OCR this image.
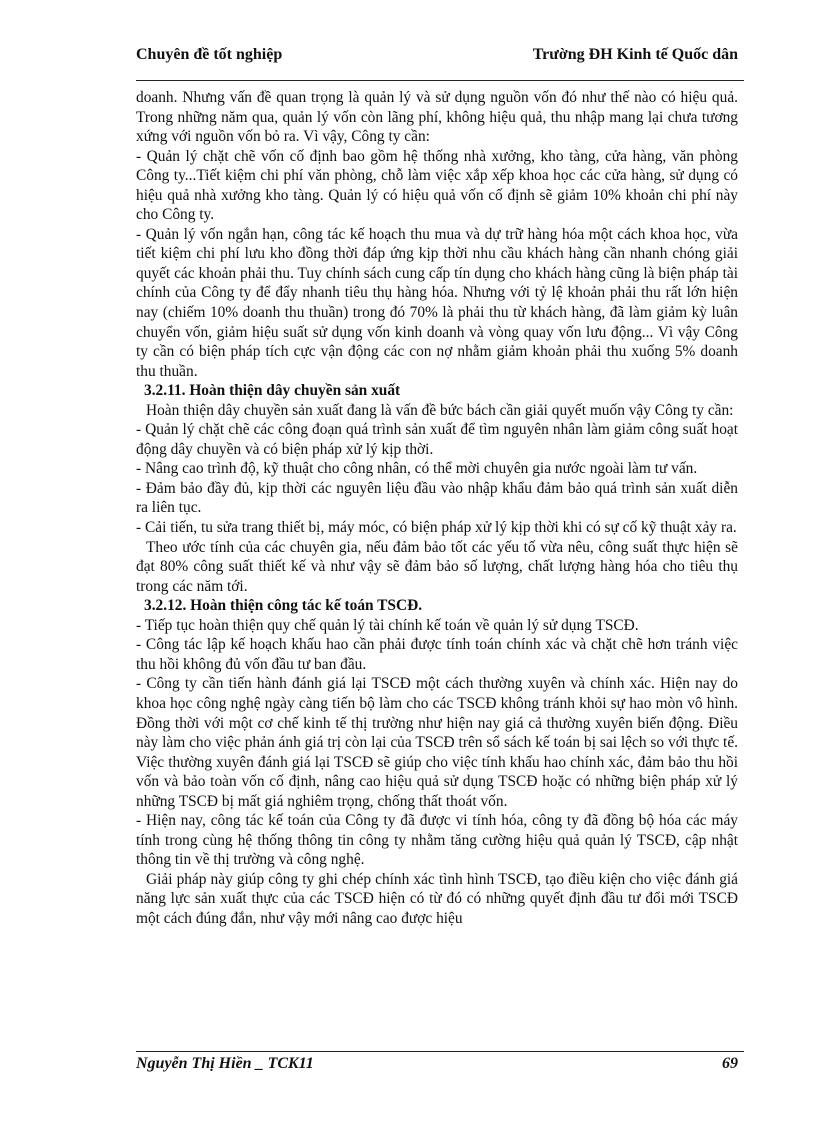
Chuyên đề tốt nghiệp	Trường ĐH Kinh tế Quốc dân

doanh. Nhưng vấn đề quan trọng là quản lý và sử dụng nguồn vốn đó như thế nào có hiệu quả. Trong những năm qua, quản lý vốn còn lãng phí, không hiệu quả, thu nhập mang lại chưa tương xứng với nguồn vốn bỏ ra. Vì vậy, Công ty cần:

- Quản lý chặt chẽ vốn cố định bao gồm hệ thống nhà xưởng, kho tàng, cửa hàng, văn phòng Công ty...Tiết kiệm chi phí văn phòng, chỗ làm việc xắp xếp khoa học các cửa hàng, sử dụng có hiệu quả nhà xưởng kho tàng. Quản lý có hiệu quả vốn cố định sẽ giảm 10% khoản chi phí này cho Công ty.

- Quản lý vốn ngắn hạn, công tác kế hoạch thu mua và dự trữ hàng hóa một cách khoa học, vừa tiết kiệm chi phí lưu kho đồng thời đáp ứng kịp thời nhu cầu khách hàng cần nhanh chóng giải quyết các khoản phải thu. Tuy chính sách cung cấp tín dụng cho khách hàng cũng là biện pháp tài chính của Công ty để đẩy nhanh tiêu thụ hàng hóa. Nhưng với tỷ lệ khoản phải thu rất lớn hiện nay (chiếm 10% doanh thu thuần) trong đó 70% là phải thu từ khách hàng, đã làm giảm kỳ luân chuyển vốn, giảm hiệu suất sử dụng vốn kinh doanh và vòng quay vốn lưu động... Vì vậy Công ty cần có biện pháp tích cực vận động các con nợ nhằm giảm khoản phải thu xuống 5% doanh thu thuần.

3.2.11. Hoàn thiện dây chuyền sản xuất

Hoàn thiện dây chuyền sản xuất đang là vấn đề bức bách cần giải quyết muốn vậy Công ty cần:

- Quản lý chặt chẽ các công đoạn quá trình sản xuất để tìm nguyên nhân làm giảm công suất hoạt động dây chuyền và có biện pháp xử lý kịp thời.

- Nâng cao trình độ, kỹ thuật cho công nhân, có thể mời chuyên gia nước ngoài làm tư vấn.

- Đảm bảo đầy đủ, kịp thời các nguyên liệu đầu vào nhập khẩu đảm bảo quá trình sản xuất diễn ra liên tục.

- Cải tiến, tu sửa trang thiết bị, máy móc, có biện pháp xử lý kịp thời khi có sự cố kỹ thuật xảy ra.

Theo ước tính của các chuyên gia, nếu đảm bảo tốt các yếu tố vừa nêu, công suất thực hiện sẽ đạt 80% công suất thiết kế và như vậy sẽ đảm bảo số lượng, chất lượng hàng hóa cho tiêu thụ trong các năm tới.

3.2.12. Hoàn thiện công tác kế toán TSCĐ.

- Tiếp tục hoàn thiện quy chế quản lý tài chính kế toán về quản lý sử dụng TSCĐ.

- Công tác lập kế hoạch khấu hao cần phải được tính toán chính xác và chặt chẽ hơn tránh việc thu hồi không đủ vốn đầu tư ban đầu.

- Công ty cần tiến hành đánh giá lại TSCĐ một cách thường xuyên và chính xác. Hiện nay do khoa học công nghệ ngày càng tiến bộ làm cho các TSCĐ không tránh khỏi sự hao mòn vô hình. Đồng thời với một cơ chế kinh tế thị trường như hiện nay giá cả thường xuyên biến động. Điều này làm cho việc phản ánh giá trị còn lại của TSCĐ trên sổ sách kế toán bị sai lệch so với thực tế. Việc thường xuyên đánh giá lại TSCĐ sẽ giúp cho việc tính khấu hao chính xác, đảm bảo thu hồi vốn và bảo toàn vốn cố định, nâng cao hiệu quả sử dụng TSCĐ hoặc có những biện pháp xử lý những TSCĐ bị mất giá nghiêm trọng, chống thất thoát vốn.

- Hiện nay, công tác kế toán của Công ty đã được vi tính hóa, công ty đã đồng bộ hóa các máy tính trong cùng hệ thống thông tin công ty nhằm tăng cường hiệu quả quản lý TSCĐ, cập nhật thông tin về thị trường và công nghệ.

Giải pháp này giúp công ty ghi chép chính xác tình hình TSCĐ, tạo điều kiện cho việc đánh giá năng lực sản xuất thực của các TSCĐ hiện có từ đó có những quyết định đầu tư đổi mới TSCĐ một cách đúng đắn, như vậy mới nâng cao được hiệu

Nguyễn Thị Hiền _ TCK11	69
